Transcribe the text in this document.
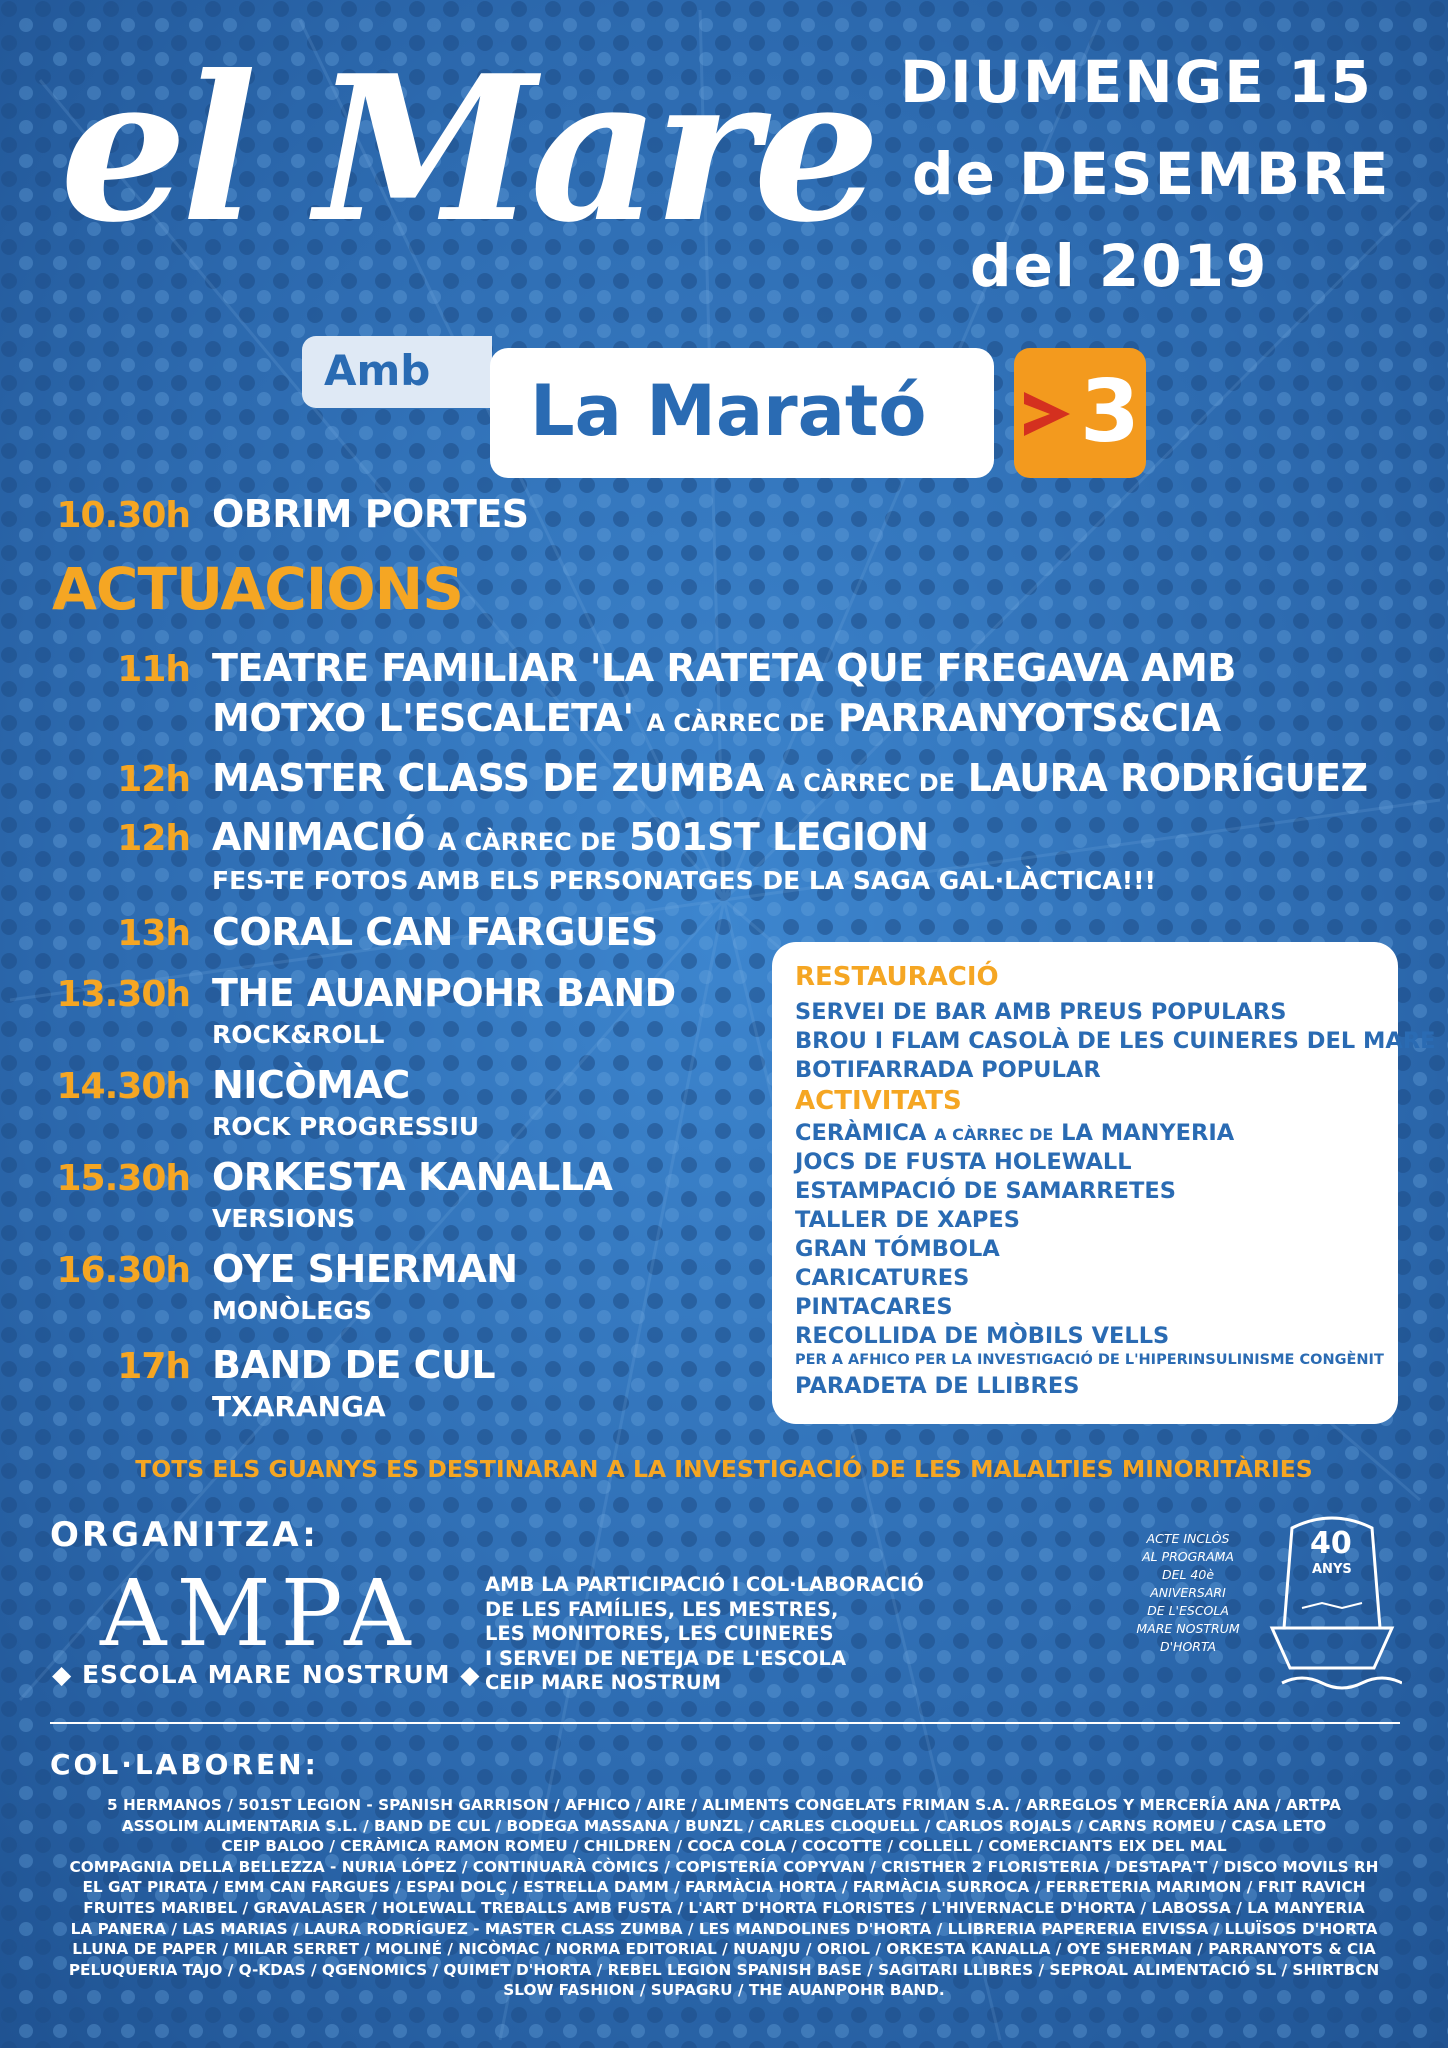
el Mare DIUMENGE 15
de DESEMBRE
del 2019
Amb La Marató 3
10.30h OBRIM PORTES
ACTUACIONS
11h TEATRE FAMILIAR 'LA RATETA QUE FREGAVA AMB
MOTXO L'ESCALETA' A CÀRREC DE PARRANYOTS&CIA
12h MASTER CLASS DE ZUMBA A CÀRREC DE LAURA RODRÍGUEZ
12h ANIMACIÓ A CÀRREC DE 501ST LEGION
FES-TE FOTOS AMB ELS PERSONATGES DE LA SAGA GAL·LÀCTICA!!!
13h CORAL CAN FARGUES
13.30h THE AUANPOHR BAND
ROCK&ROLL
14.30h NICÒMAC
ROCK PROGRESSIU
15.30h ORKESTA KANALLA
VERSIONS
16.30h OYE SHERMAN
MONÒLEGS
17h BAND DE CUL
TXARANGA
RESTAURACIÓ
SERVEI DE BAR AMB PREUS POPULARS
BROU I FLAM CASOLÀ DE LES CUINERES DEL MARE
BOTIFARRADA POPULAR
ACTIVITATS
CERÀMICA A CÀRREC DE LA MANYERIA
JOCS DE FUSTA HOLEWALL
ESTAMPACIÓ DE SAMARRETES
TALLER DE XAPES
GRAN TÓMBOLA
CARICATURES
PINTACARES
RECOLLIDA DE MÒBILS VELLS
PER A AFHICO PER LA INVESTIGACIÓ DE L'HIPERINSULINISME CONGÈNIT
PARADETA DE LLIBRES
TOTS ELS GUANYS ES DESTINARAN A LA INVESTIGACIÓ DE LES MALALTIES MINORITÀRIES
ORGANITZA:
AMPA
◆ ESCOLA MARE NOSTRUM ◆
AMB LA PARTICIPACIÓ I COL·LABORACIÓ
DE LES FAMÍLIES, LES MESTRES,
LES MONITORES, LES CUINERES
I SERVEI DE NETEJA DE L'ESCOLA
CEIP MARE NOSTRUM
ACTE INCLÒS
AL PROGRAMA
DEL 40è
ANIVERSARI
DE L'ESCOLA
MARE NOSTRUM
D'HORTA
40
ANYS
COL·LABOREN:
5 HERMANOS / 501ST LEGION - SPANISH GARRISON / AFHICO / AIRE / ALIMENTS CONGELATS FRIMAN S.A. / ARREGLOS Y MERCERÍA ANA / ARTPA
ASSOLIM ALIMENTARIA S.L. / BAND DE CUL / BODEGA MASSANA / BUNZL / CARLES CLOQUELL / CARLOS ROJALS / CARNS ROMEU / CASA LETO
CEIP BALOO / CERÀMICA RAMON ROMEU / CHILDREN / COCA COLA / COCOTTE / COLLELL / COMERCIANTS EIX DEL MAL
COMPAGNIA DELLA BELLEZZA - NURIA LÓPEZ / CONTINUARÀ CÒMICS / COPISTERÍA COPYVAN / CRISTHER 2 FLORISTERIA / DESTAPA'T / DISCO MOVILS RH
EL GAT PIRATA / EMM CAN FARGUES / ESPAI DOLÇ / ESTRELLA DAMM / FARMÀCIA HORTA / FARMÀCIA SURROCA / FERRETERIA MARIMON / FRIT RAVICH
FRUITES MARIBEL / GRAVALASER / HOLEWALL TREBALLS AMB FUSTA / L'ART D'HORTA FLORISTES / L'HIVERNACLE D'HORTA / LABOSSA / LA MANYERIA
LA PANERA / LAS MARIAS / LAURA RODRÍGUEZ - MASTER CLASS ZUMBA / LES MANDOLINES D'HORTA / LLIBRERIA PAPERERIA EIVISSA / LLUÏSOS D'HORTA
LLUNA DE PAPER / MILAR SERRET / MOLINÉ / NICÒMAC / NORMA EDITORIAL / NUANJU / ORIOL / ORKESTA KANALLA / OYE SHERMAN / PARRANYOTS & CIA
PELUQUERIA TAJO / Q-KDAS / QGENOMICS / QUIMET D'HORTA / REBEL LEGION SPANISH BASE / SAGITARI LLIBRES / SEPROAL ALIMENTACIÓ SL / SHIRTBCN
SLOW FASHION / SUPAGRU / THE AUANPOHR BAND.
